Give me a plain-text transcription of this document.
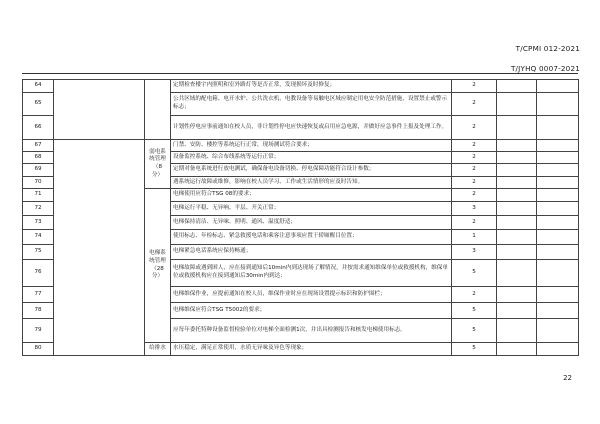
T/CPMI 012-2021
T/JYHQ 0007-2021
64			定期检查楼宇内照明和室外路灯等是否正常，发现损坏及时修复；	2		
65			公共区域的配电箱、电开水炉、公共洗衣机、电教设备等易触电区域应制定用电安全防范措施，设置禁止或警示标志；	2		
66			计划性停电应事前通知在校人员，非计划性停电应快速恢复或启用应急电源，并做好应急事件上报及处理工作。	2		
67		弱电系统管理（8分）	门禁、安防、楼控等系统运行正常，现场测试符合要求；	2		
68			设备监控系统、综合布线系统等运行正常；	2		
69			定期对备电系统进行放电测试，确保备电设备切换、停电保障功能符合设计参数；	2		
70			遇系统运行故障或维修，影响在校人员学习、工作或生活情形的应及时告知。	2		
71		电梯系统管理（28分）	电梯使用应符合TSG 08的要求；	2		
72			电梯运行平稳、无异响、平层、开关正常；	3		
73			电梯保持清洁、无异味、照明、通风、温度舒适；	2		
74			使用标志、年检标志、紧急救援电话和乘客注意事项应置于轿厢醒目位置；	1		
75			电梯紧急电话系统应保持畅通；	3		
76			电梯故障或遇到困人，应在接到通知后10min内到达现场了解情况，并按需求通知维保单位或救援机构，维保单位或救援机构应在接到通知后30min内到达；	5		
77			电梯维保作业，应提前通知在校人员，维保作业时应在现场设置提示标识和防护围栏；	2		
78			电梯维保应符合TSG T5002的要求；	5		
79			应每年委托特种设备监督检验单位对电梯全面检测1次，并出具检测报告和核发电梯使用标志。	5		
80		给排水	水压稳定，满足正常使用，水质无异味及异色等现象；	5		
22
